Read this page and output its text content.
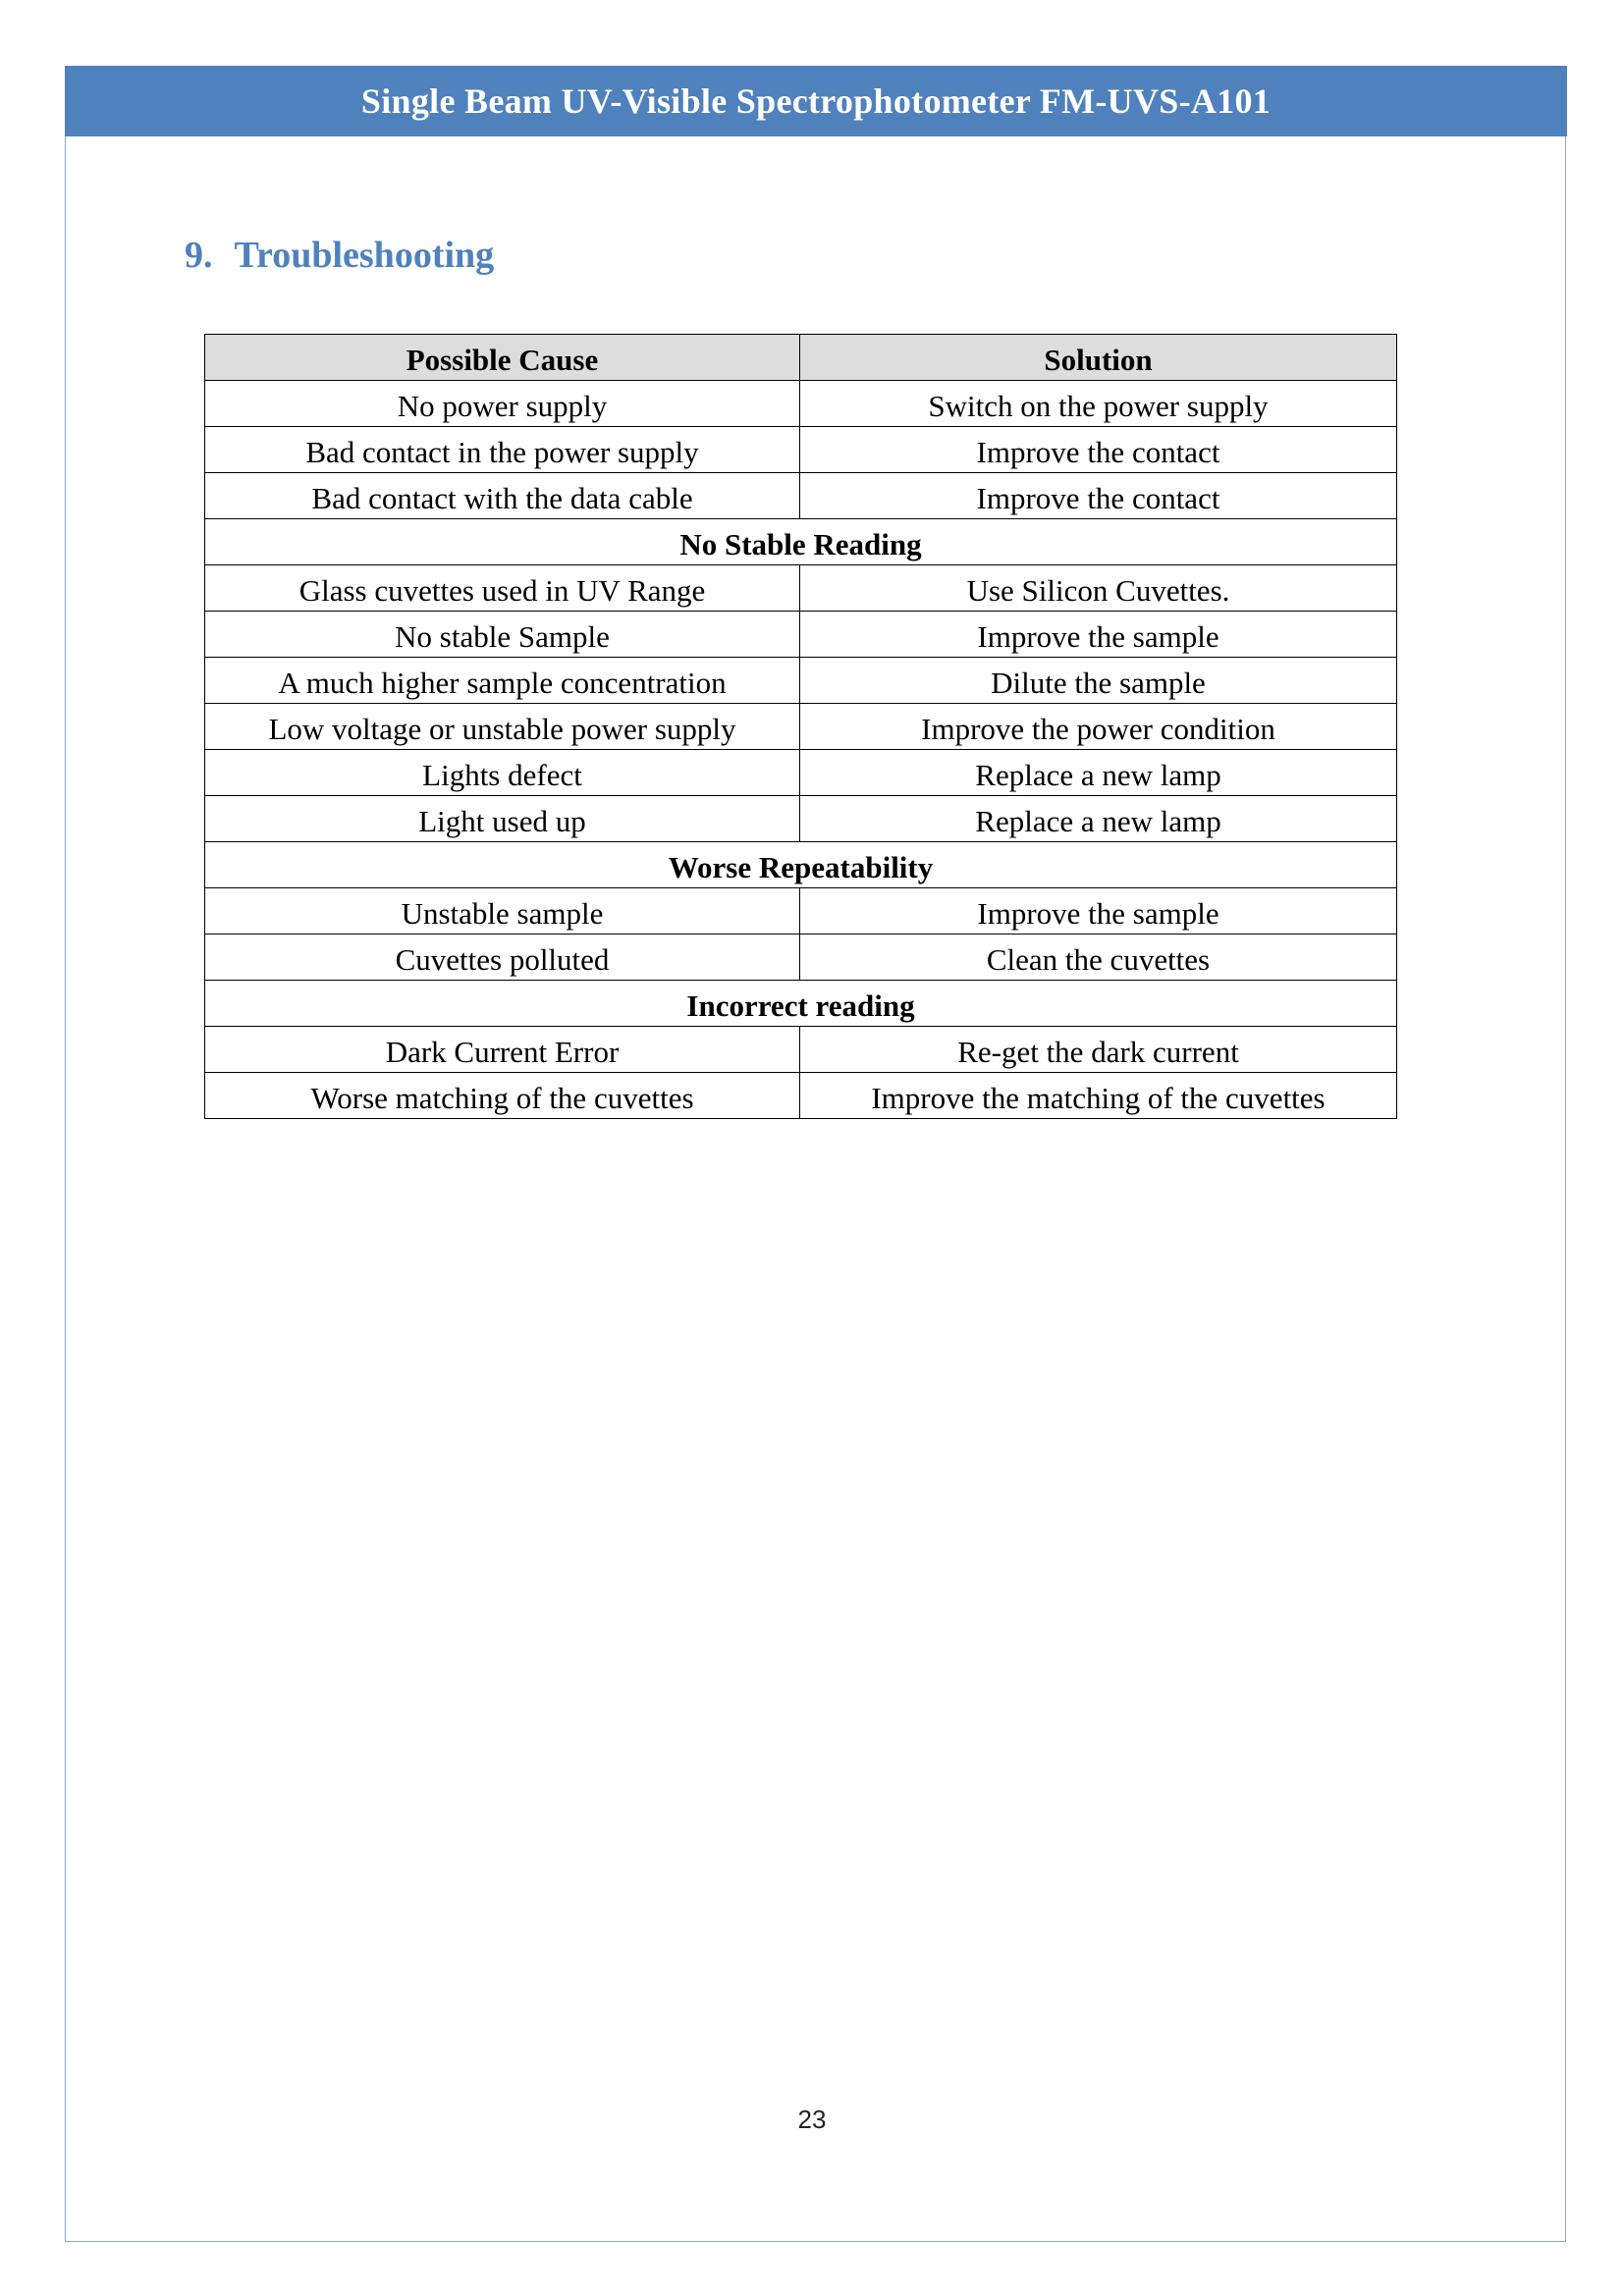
Single Beam UV-Visible Spectrophotometer FM-UVS-A101
9. Troubleshooting
Possible Cause	Solution
No power supply	Switch on the power supply
Bad contact in the power supply	Improve the contact
Bad contact with the data cable	Improve the contact
No Stable Reading	
Glass cuvettes used in UV Range	Use Silicon Cuvettes.
No stable Sample	Improve the sample
A much higher sample concentration	Dilute the sample
Low voltage or unstable power supply	Improve the power condition
Lights defect	Replace a new lamp
Light used up	Replace a new lamp
Worse Repeatability	
Unstable sample	Improve the sample
Cuvettes polluted	Clean the cuvettes
Incorrect reading	
Dark Current Error	Re-get the dark current
Worse matching of the cuvettes	Improve the matching of the cuvettes
23
